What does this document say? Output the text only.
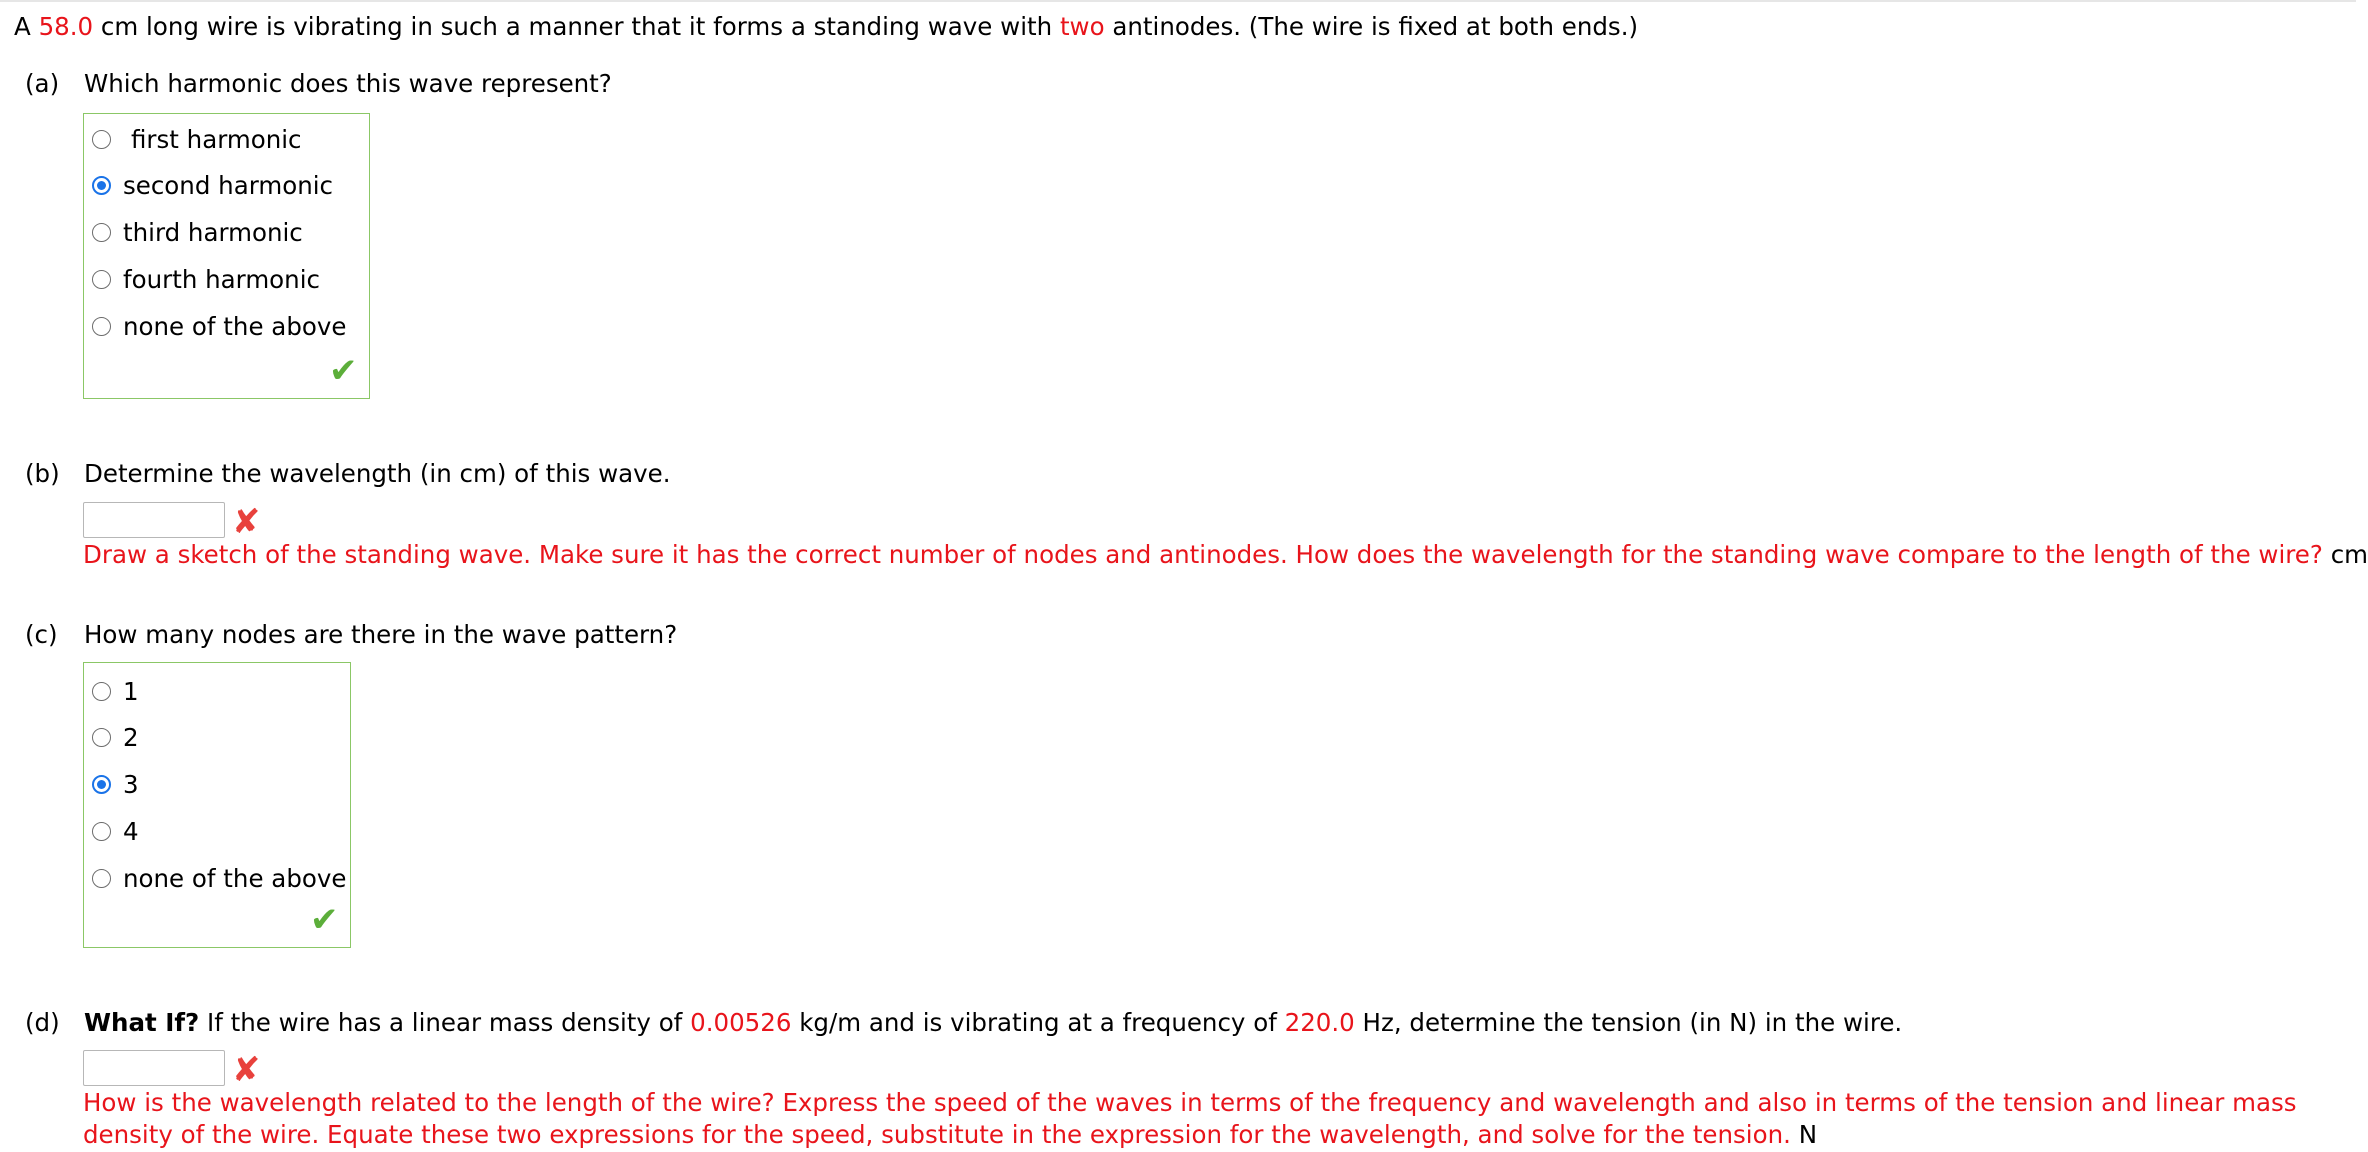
A 58.0 cm long wire is vibrating in such a manner that it forms a standing wave with two antinodes. (The wire is fixed at both ends.)
(a) Which harmonic does this wave represent?
first harmonic
second harmonic
third harmonic
fourth harmonic
none of the above
✔
(b) Determine the wavelength (in cm) of this wave.
✘
Draw a sketch of the standing wave. Make sure it has the correct number of nodes and antinodes. How does the wavelength for the standing wave compare to the length of the wire? cm
(c) How many nodes are there in the wave pattern?
1
2
3
4
none of the above
✔
(d) What If? If the wire has a linear mass density of 0.00526 kg/m and is vibrating at a frequency of 220.0 Hz, determine the tension (in N) in the wire.
✘
How is the wavelength related to the length of the wire? Express the speed of the waves in terms of the frequency and wavelength and also in terms of the tension and linear mass density of the wire. Equate these two expressions for the speed, substitute in the expression for the wavelength, and solve for the tension. N
